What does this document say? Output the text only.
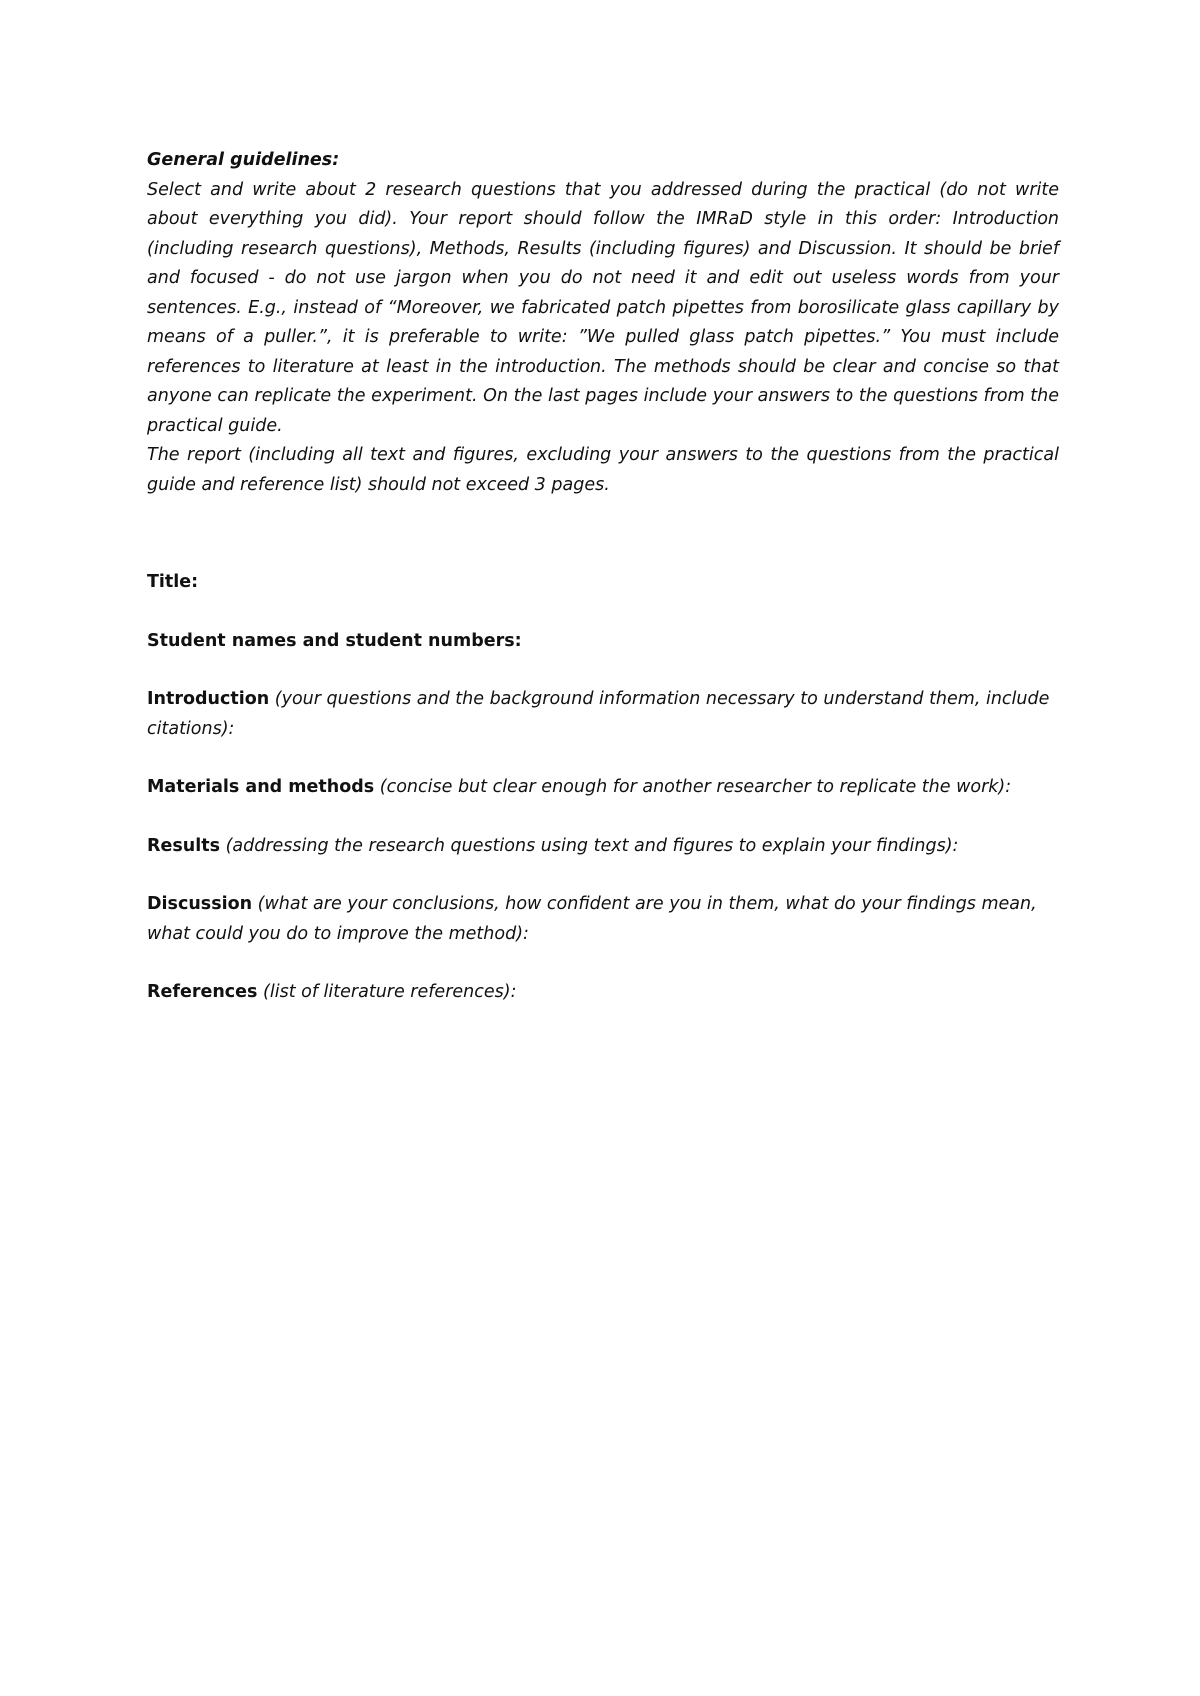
General guidelines:

Select and write about 2 research questions that you addressed during the practical (do not write about everything you did). Your report should follow the IMRaD style in this order: Introduction (including research questions), Methods, Results (including figures) and Discussion. It should be brief and focused - do not use jargon when you do not need it and edit out useless words from your sentences. E.g., instead of “Moreover, we fabricated patch pipettes from borosilicate glass capillary by means of a puller.”, it is preferable to write: ”We pulled glass patch pipettes.” You must include references to literature at least in the introduction. The methods should be clear and concise so that anyone can replicate the experiment. On the last pages include your answers to the questions from the practical guide.

The report (including all text and figures, excluding your answers to the questions from the practical guide and reference list) should not exceed 3 pages.

Title:

Student names and student numbers:

Introduction (your questions and the background information necessary to understand them, include citations):

Materials and methods (concise but clear enough for another researcher to replicate the work):

Results (addressing the research questions using text and figures to explain your findings):

Discussion (what are your conclusions, how confident are you in them, what do your findings mean, what could you do to improve the method):

References (list of literature references):
